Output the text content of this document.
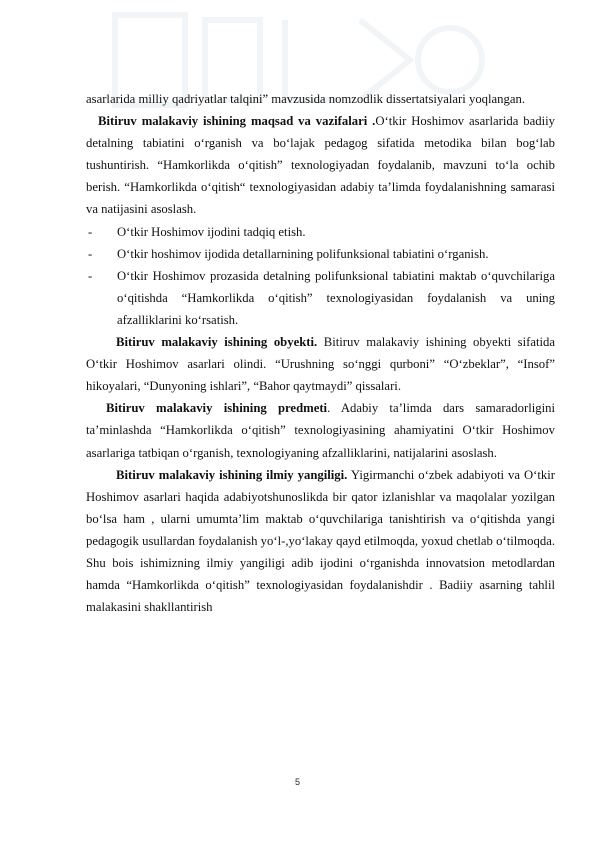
asarlarida milliy qadriyatlar talqini” mavzusida nomzodlik dissertatsiyalari yoqlangan.

Bitiruv malakaviy ishining maqsad va vazifalari .O‘tkir Hoshimov asarlarida badiiy detalning tabiatini o‘rganish va bo‘lajak pedagog sifatida metodika bilan bog‘lab tushuntirish. “Hamkorlikda o‘qitish” texnologiyadan foydalanib, mavzuni to‘la ochib berish. “Hamkorlikda o‘qitish“ texnologiyasidan adabiy ta’limda foydalanishning samarasi va natijasini asoslash.

- O‘tkir Hoshimov ijodini tadqiq etish.
- O‘tkir hoshimov ijodida detallarnining polifunksional tabiatini o‘rganish.
- O‘tkir Hoshimov prozasida detalning polifunksional tabiatini maktab o‘quvchilariga o‘qitishda “Hamkorlikda o‘qitish” texnologiyasidan foydalanish va uning afzalliklarini ko‘rsatish.

Bitiruv malakaviy ishining obyekti. Bitiruv malakaviy ishining obyekti sifatida O‘tkir Hoshimov asarlari olindi. “Urushning so‘nggi qurboni” “O‘zbeklar”, “Insof” hikoyalari, “Dunyoning ishlari”, “Bahor qaytmaydi” qissalari.

Bitiruv malakaviy ishining predmeti. Adabiy ta’limda dars samaradorligini ta’minlashda “Hamkorlikda o‘qitish” texnologiyasining ahamiyatini O‘tkir Hoshimov asarlariga tatbiqan o‘rganish, texnologiyaning afzalliklarini, natijalarini asoslash.

Bitiruv malakaviy ishining ilmiy yangiligi. Yigirmanchi o‘zbek adabiyoti va O‘tkir Hoshimov asarlari haqida adabiyotshunoslikda bir qator izlanishlar va maqolalar yozilgan bo‘lsa ham , ularni umumta’lim maktab o‘quvchilariga tanishtirish va o‘qitishda yangi pedagogik usullardan foydalanish yo‘l-,yo‘lakay qayd etilmoqda, yoxud chetlab o‘tilmoqda. Shu bois ishimizning ilmiy yangiligi adib ijodini o‘rganishda innovatsion metodlardan hamda “Hamkorlikda o‘qitish” texnologiyasidan foydalanishdir . Badiiy asarning tahlil malakasini shakllantirish

5
